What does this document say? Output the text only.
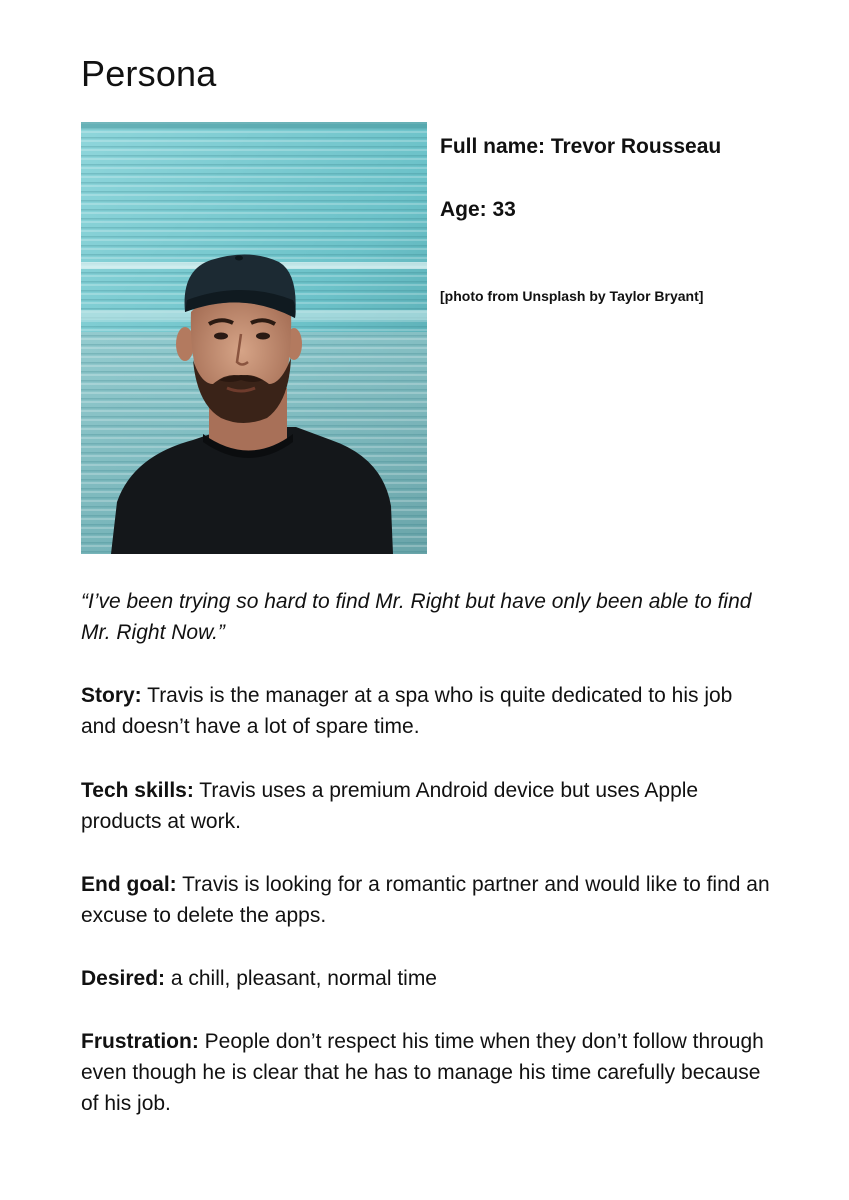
Persona
Full name: Trevor Rousseau
Age: 33
[photo from Unsplash by Taylor Bryant]

“I’ve been trying so hard to find Mr. Right but have only been able to find Mr. Right Now.”

Story: Travis is the manager at a spa who is quite dedicated to his job and doesn’t have a lot of spare time.

Tech skills: Travis uses a premium Android device but uses Apple products at work.

End goal: Travis is looking for a romantic partner and would like to find an excuse to delete the apps.

Desired: a chill, pleasant, normal time

Frustration: People don’t respect his time when they don’t follow through even though he is clear that he has to manage his time carefully because of his job.
